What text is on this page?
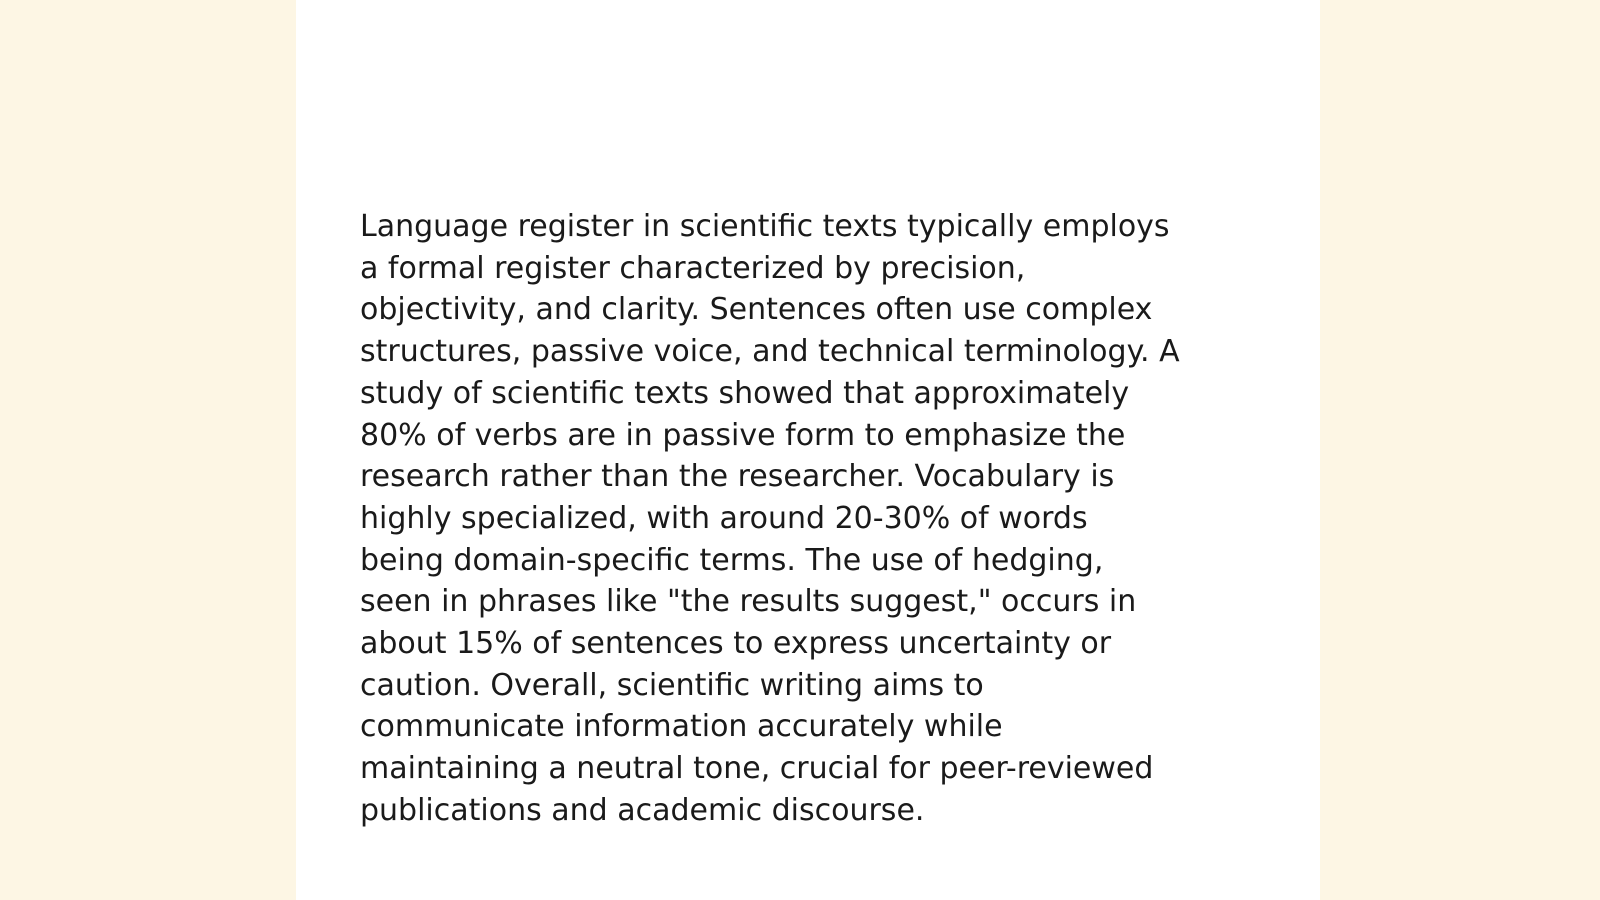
Language register in scientific texts typically employs
a formal register characterized by precision,
objectivity, and clarity. Sentences often use complex
structures, passive voice, and technical terminology. A
study of scientific texts showed that approximately
80% of verbs are in passive form to emphasize the
research rather than the researcher. Vocabulary is
highly specialized, with around 20-30% of words
being domain-specific terms. The use of hedging,
seen in phrases like "the results suggest," occurs in
about 15% of sentences to express uncertainty or
caution. Overall, scientific writing aims to
communicate information accurately while
maintaining a neutral tone, crucial for peer-reviewed
publications and academic discourse.
